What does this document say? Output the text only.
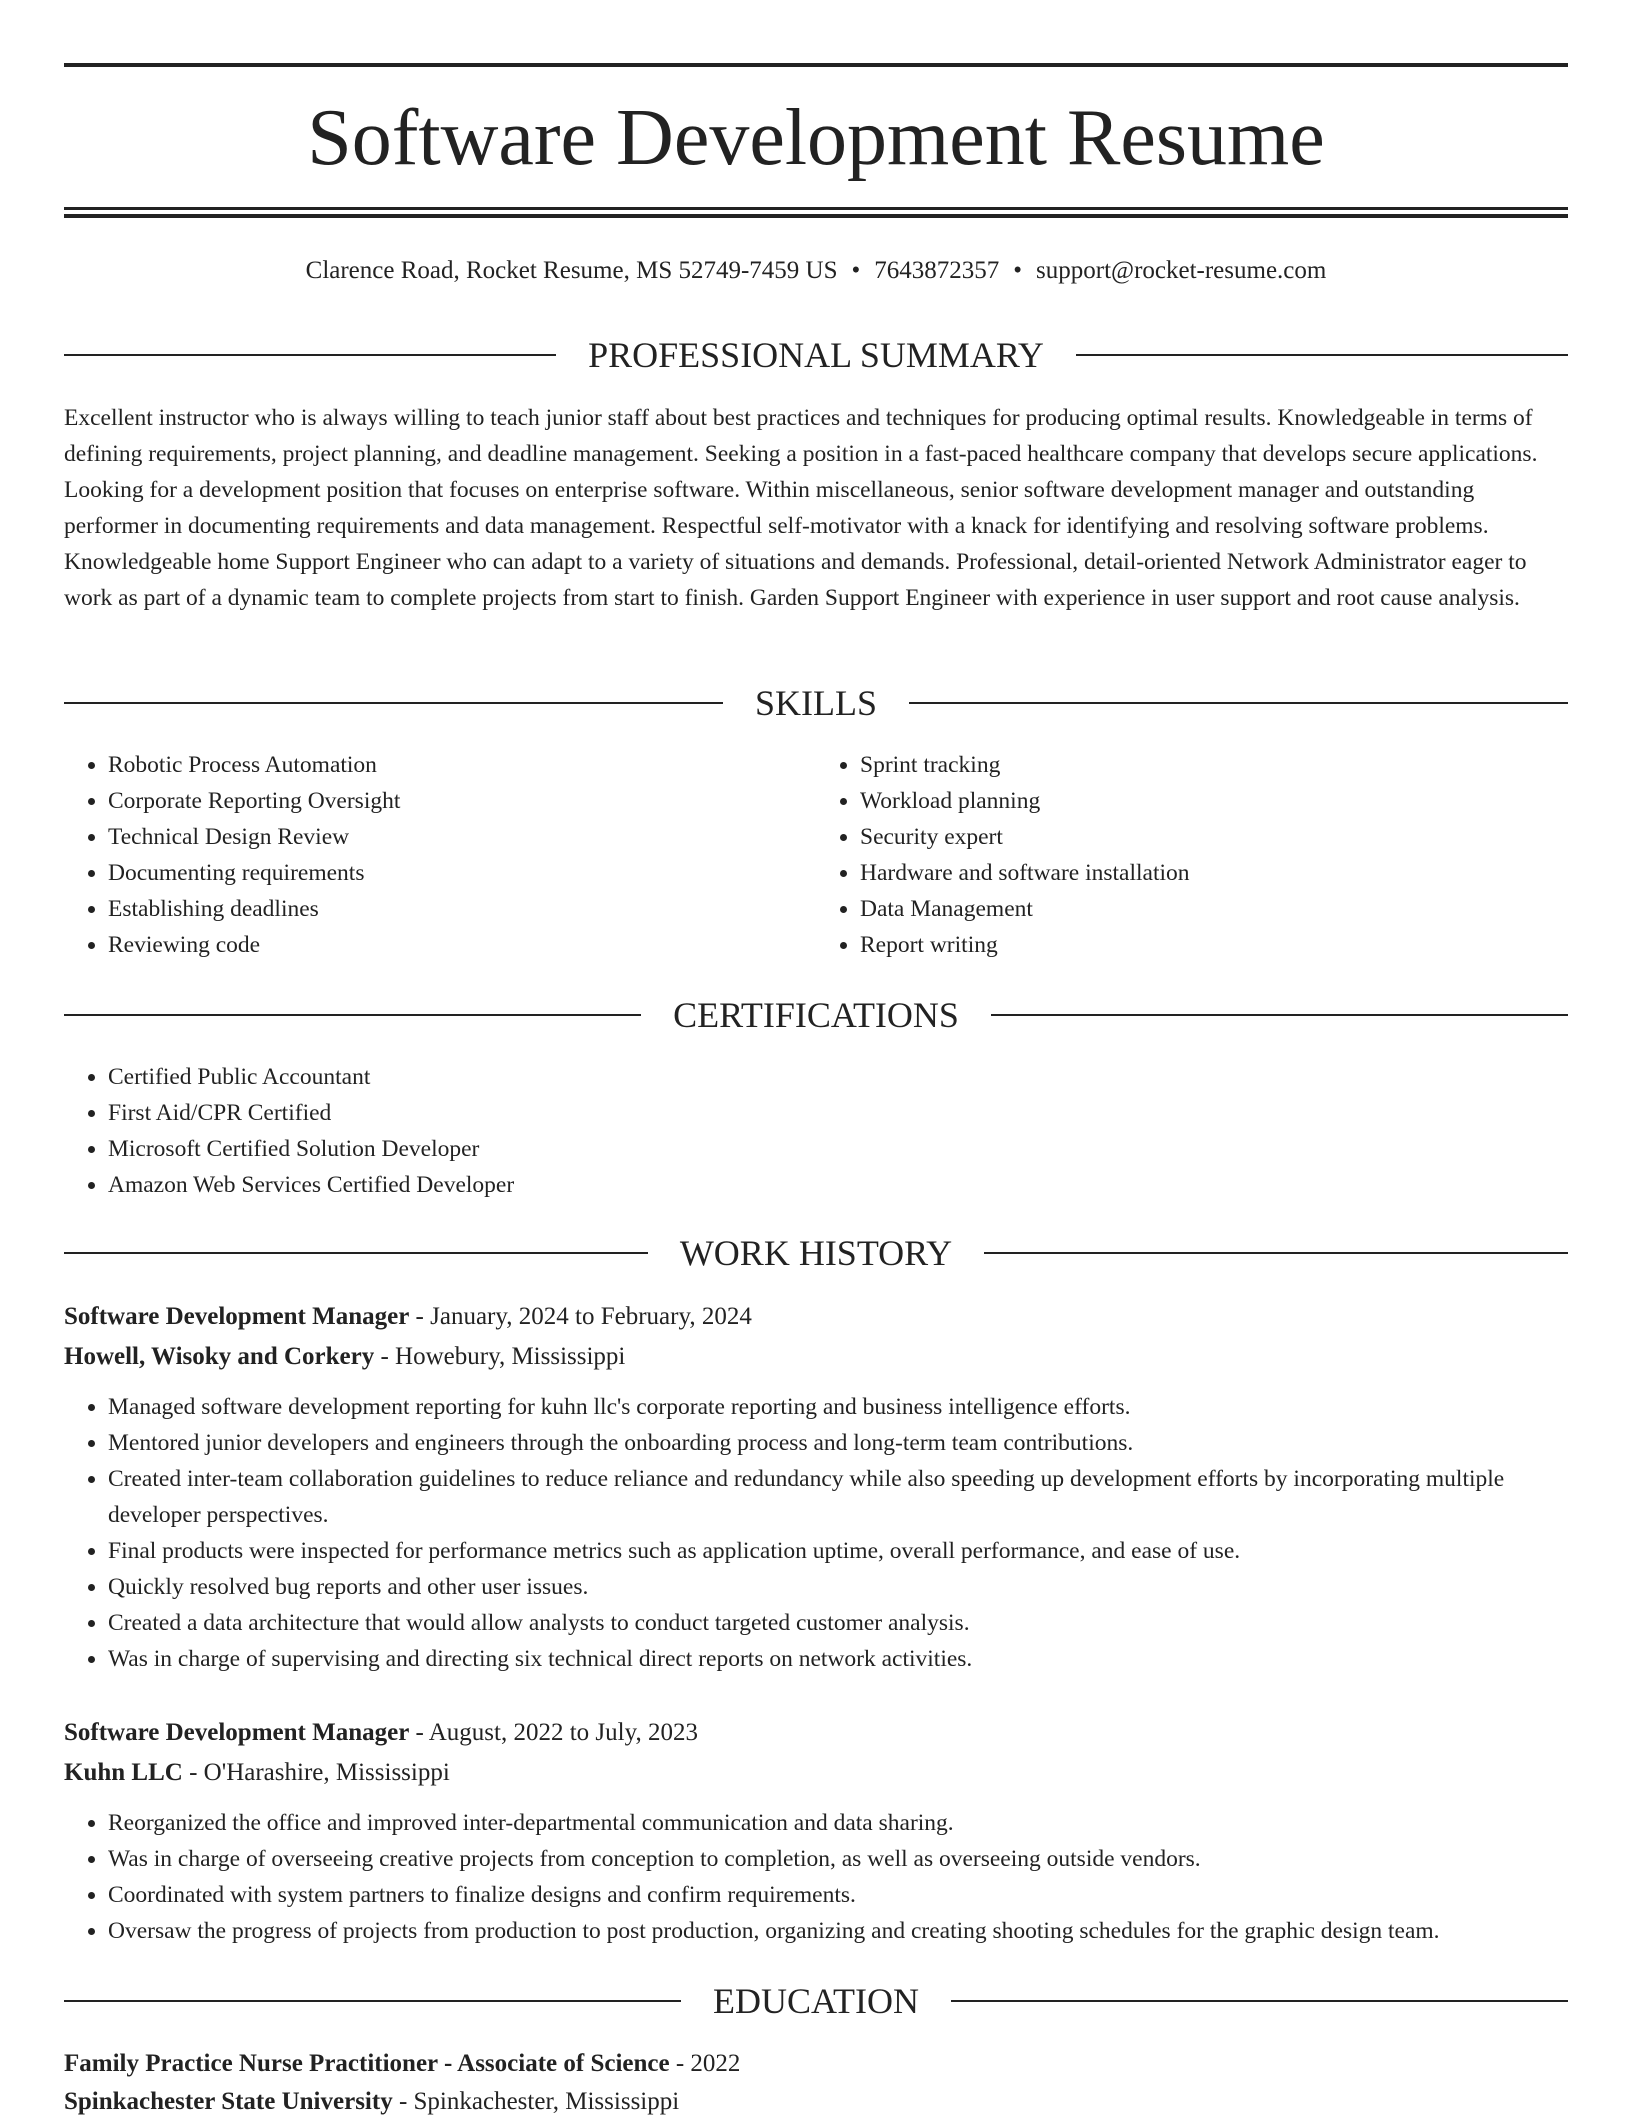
Software Development Resume
Clarence Road, Rocket Resume, MS 52749-7459 US • 7643872357 • support@rocket-resume.com
PROFESSIONAL SUMMARY

Excellent instructor who is always willing to teach junior staff about best practices and techniques for producing optimal results. Knowledgeable in terms of defining requirements, project planning, and deadline management. Seeking a position in a fast-paced healthcare company that develops secure applications. Looking for a development position that focuses on enterprise software. Within miscellaneous, senior software development manager and outstanding performer in documenting requirements and data management. Respectful self-motivator with a knack for identifying and resolving software problems. Knowledgeable home Support Engineer who can adapt to a variety of situations and demands. Professional, detail-oriented Network Administrator eager to work as part of a dynamic team to complete projects from start to finish. Garden Support Engineer with experience in user support and root cause analysis.

SKILLS
• Robotic Process Automation
• Corporate Reporting Oversight
• Technical Design Review
• Documenting requirements
• Establishing deadlines
• Reviewing code
• Sprint tracking
• Workload planning
• Security expert
• Hardware and software installation
• Data Management
• Report writing
CERTIFICATIONS
• Certified Public Accountant
• First Aid/CPR Certified
• Microsoft Certified Solution Developer
• Amazon Web Services Certified Developer
WORK HISTORY
Software Development Manager - January, 2024 to February, 2024
Howell, Wisoky and Corkery - Howebury, Mississippi
• Managed software development reporting for kuhn llc's corporate reporting and business intelligence efforts.
• Mentored junior developers and engineers through the onboarding process and long-term team contributions.
• Created inter-team collaboration guidelines to reduce reliance and redundancy while also speeding up development efforts by incorporating multiple developer perspectives.
• Final products were inspected for performance metrics such as application uptime, overall performance, and ease of use.
• Quickly resolved bug reports and other user issues.
• Created a data architecture that would allow analysts to conduct targeted customer analysis.
• Was in charge of supervising and directing six technical direct reports on network activities.
Software Development Manager - August, 2022 to July, 2023
Kuhn LLC - O'Harashire, Mississippi
• Reorganized the office and improved inter-departmental communication and data sharing.
• Was in charge of overseeing creative projects from conception to completion, as well as overseeing outside vendors.
• Coordinated with system partners to finalize designs and confirm requirements.
• Oversaw the progress of projects from production to post production, organizing and creating shooting schedules for the graphic design team.
EDUCATION
Family Practice Nurse Practitioner - Associate of Science - 2022
Spinkachester State University - Spinkachester, Mississippi
